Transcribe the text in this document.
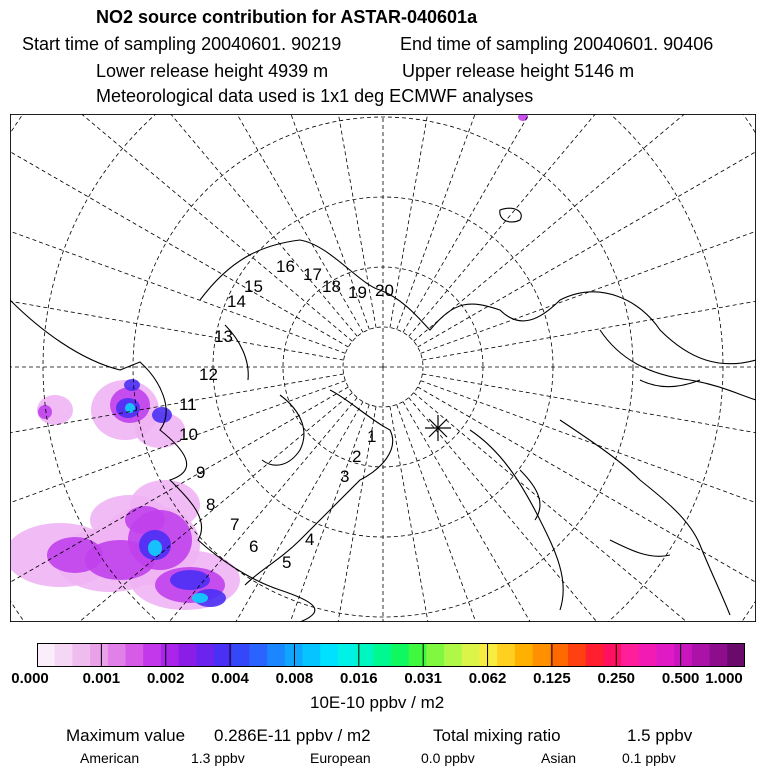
NO2 source contribution for ASTAR-040601a
Start time of sampling 20040601. 90219	End time of sampling 20040601. 90406
Lower release height 4939 m	Upper release height 5146 m
Meteorological data used is 1x1 deg ECMWF analyses
1
2
3
4
5
6
7
8
9
10
11
12
13
14
15
16 17
18 19 20
0.000 0.001 0.002 0.004 0.008 0.016 0.031 0.062 0.125 0.250 0.500 1.000
10E-10 ppbv / m2
Maximum value 0.286E-11 ppbv / m2	Total mixing ratio	1.5 ppbv
American	1.3 ppbv	European	0.0 ppbv	Asian	0.1 ppbv
